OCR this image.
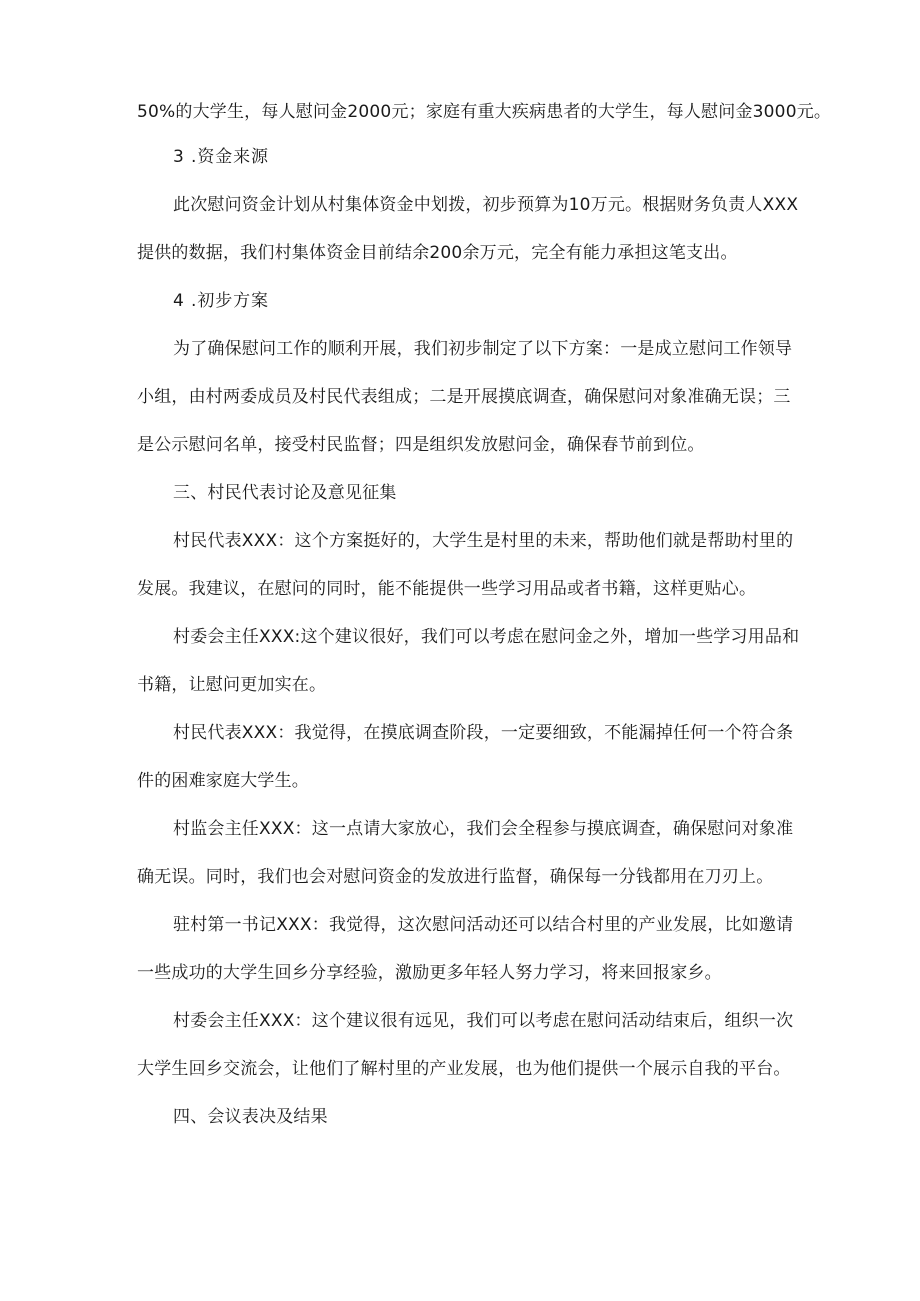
50%的大学生，每人慰问金2000元；家庭有重大疾病患者的大学生，每人慰问金3000元。
3 .资金来源
此次慰问资金计划从村集体资金中划拨，初步预算为10万元。根据财务负责人XXX
提供的数据，我们村集体资金目前结余200余万元，完全有能力承担这笔支出。
4 .初步方案
为了确保慰问工作的顺利开展，我们初步制定了以下方案：一是成立慰问工作领导
小组，由村两委成员及村民代表组成；二是开展摸底调查，确保慰问对象准确无误；三
是公示慰问名单，接受村民监督；四是组织发放慰问金，确保春节前到位。
三、村民代表讨论及意见征集
村民代表XXX：这个方案挺好的，大学生是村里的未来，帮助他们就是帮助村里的
发展。我建议，在慰问的同时，能不能提供一些学习用品或者书籍，这样更贴心。
村委会主任XXX:这个建议很好，我们可以考虑在慰问金之外，增加一些学习用品和
书籍，让慰问更加实在。
村民代表XXX：我觉得，在摸底调查阶段，一定要细致，不能漏掉任何一个符合条
件的困难家庭大学生。
村监会主任XXX：这一点请大家放心，我们会全程参与摸底调查，确保慰问对象准
确无误。同时，我们也会对慰问资金的发放进行监督，确保每一分钱都用在刀刃上。
驻村第一书记XXX：我觉得，这次慰问活动还可以结合村里的产业发展，比如邀请
一些成功的大学生回乡分享经验，激励更多年轻人努力学习，将来回报家乡。
村委会主任XXX：这个建议很有远见，我们可以考虑在慰问活动结束后，组织一次
大学生回乡交流会，让他们了解村里的产业发展，也为他们提供一个展示自我的平台。
四、会议表决及结果
